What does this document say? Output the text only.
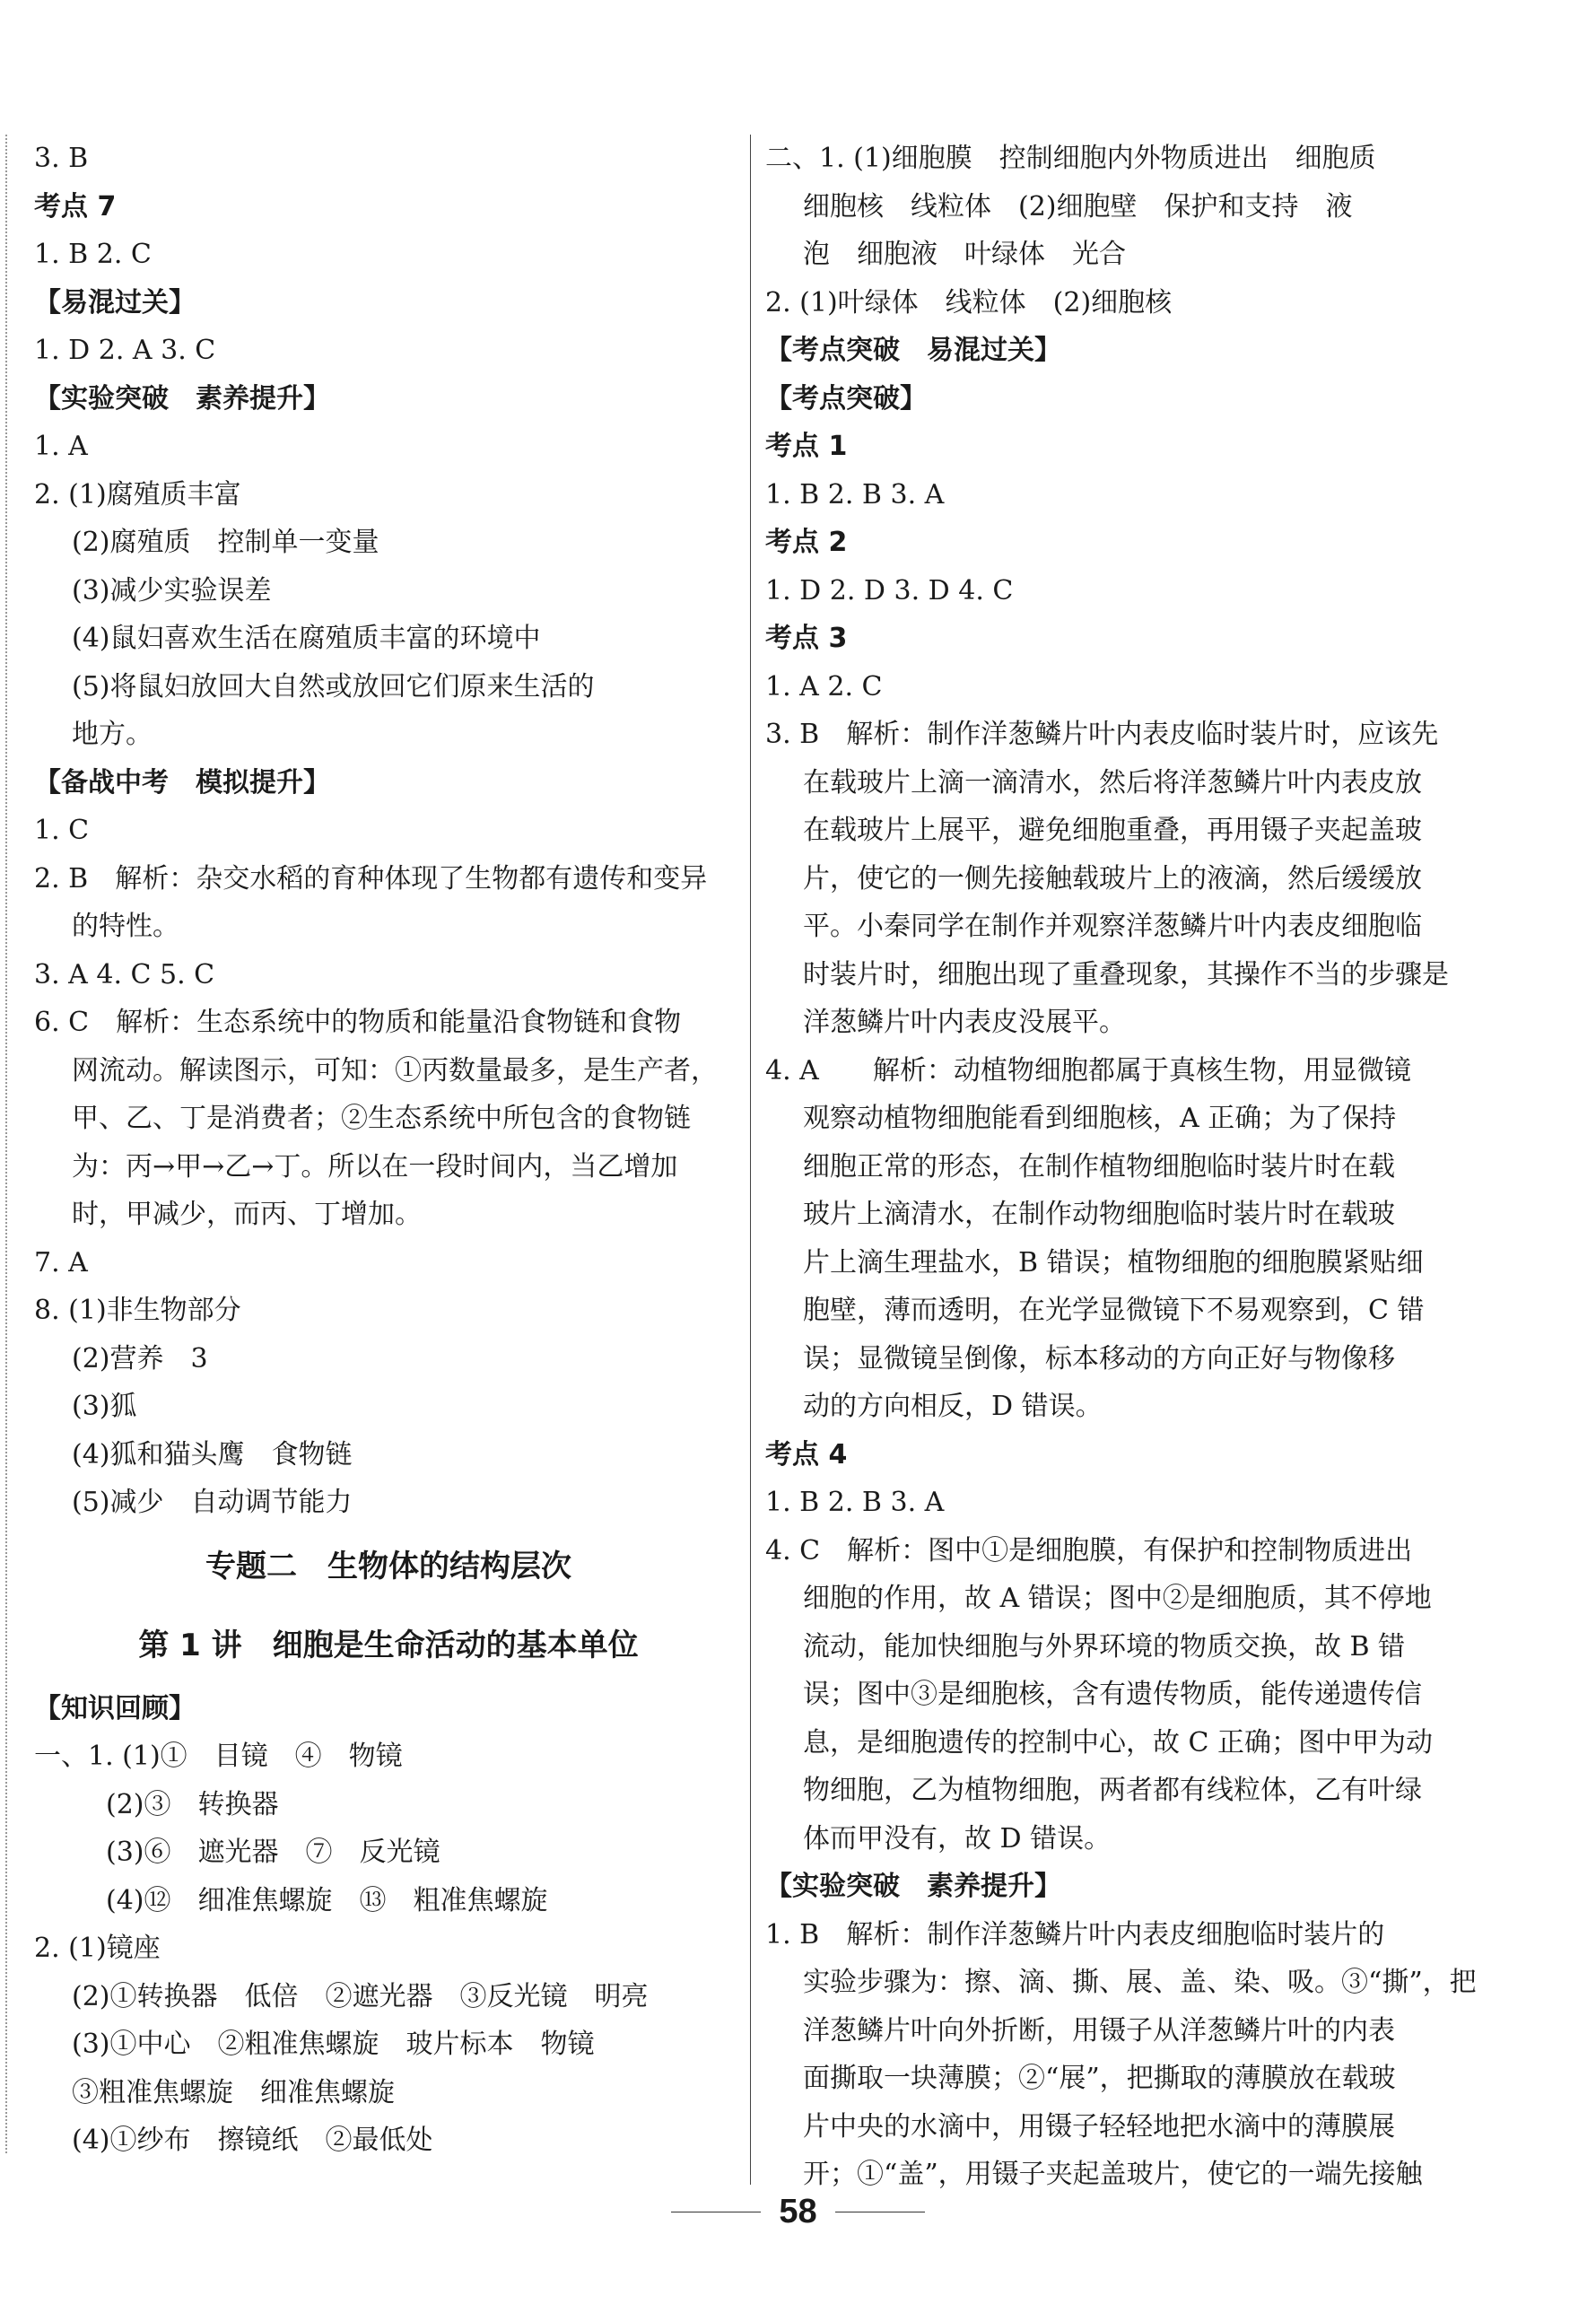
3. B
考点 7
1. B 2. C
【易混过关】
1. D 2. A 3. C
【实验突破　素养提升】
1. A
2. (1)腐殖质丰富
(2)腐殖质　控制单一变量
(3)减少实验误差
(4)鼠妇喜欢生活在腐殖质丰富的环境中
(5)将鼠妇放回大自然或放回它们原来生活的
地方。
【备战中考　模拟提升】
1. C
2. B　解析：杂交水稻的育种体现了生物都有遗传和变异
的特性。
3. A 4. C 5. C
6. C　解析：生态系统中的物质和能量沿食物链和食物
网流动。解读图示，可知：①丙数量最多，是生产者，
甲、乙、丁是消费者；②生态系统中所包含的食物链
为：丙→甲→乙→丁。所以在一段时间内，当乙增加
时，甲减少，而丙、丁增加。
7. A
8. (1)非生物部分
(2)营养　3
(3)狐
(4)狐和猫头鹰　食物链
(5)减少　自动调节能力
专题二　生物体的结构层次
第 1 讲　细胞是生命活动的基本单位
【知识回顾】
一、1. (1)①　目镜　④　物镜
(2)③　转换器
(3)⑥　遮光器　⑦　反光镜
(4)⑫　细准焦螺旋　⑬　粗准焦螺旋
2. (1)镜座
(2)①转换器　低倍　②遮光器　③反光镜　明亮
(3)①中心　②粗准焦螺旋　玻片标本　物镜
③粗准焦螺旋　细准焦螺旋
(4)①纱布　擦镜纸　②最低处
二、1. (1)细胞膜　控制细胞内外物质进出　细胞质
细胞核　线粒体　(2)细胞壁　保护和支持　液
泡　细胞液　叶绿体　光合
2. (1)叶绿体　线粒体　(2)细胞核
【考点突破　易混过关】
【考点突破】
考点 1
1. B 2. B 3. A
考点 2
1. D 2. D 3. D 4. C
考点 3
1. A 2. C
3. B　解析：制作洋葱鳞片叶内表皮临时装片时，应该先
在载玻片上滴一滴清水，然后将洋葱鳞片叶内表皮放
在载玻片上展平，避免细胞重叠，再用镊子夹起盖玻
片，使它的一侧先接触载玻片上的液滴，然后缓缓放
平。小秦同学在制作并观察洋葱鳞片叶内表皮细胞临
时装片时，细胞出现了重叠现象，其操作不当的步骤是
洋葱鳞片叶内表皮没展平。
4. A　　解析：动植物细胞都属于真核生物，用显微镜
观察动植物细胞能看到细胞核，A 正确；为了保持
细胞正常的形态，在制作植物细胞临时装片时在载
玻片上滴清水，在制作动物细胞临时装片时在载玻
片上滴生理盐水，B 错误；植物细胞的细胞膜紧贴细
胞壁，薄而透明，在光学显微镜下不易观察到，C 错
误；显微镜呈倒像，标本移动的方向正好与物像移
动的方向相反，D 错误。
考点 4
1. B 2. B 3. A
4. C　解析：图中①是细胞膜，有保护和控制物质进出
细胞的作用，故 A 错误；图中②是细胞质，其不停地
流动，能加快细胞与外界环境的物质交换，故 B 错
误；图中③是细胞核，含有遗传物质，能传递遗传信
息，是细胞遗传的控制中心，故 C 正确；图中甲为动
物细胞，乙为植物细胞，两者都有线粒体，乙有叶绿
体而甲没有，故 D 错误。
【实验突破　素养提升】
1. B　解析：制作洋葱鳞片叶内表皮细胞临时装片的
实验步骤为：擦、滴、撕、展、盖、染、吸。③“撕”，把
洋葱鳞片叶向外折断，用镊子从洋葱鳞片叶的内表
面撕取一块薄膜；②“展”，把撕取的薄膜放在载玻
片中央的水滴中，用镊子轻轻地把水滴中的薄膜展
开；①“盖”，用镊子夹起盖玻片，使它的一端先接触
58
